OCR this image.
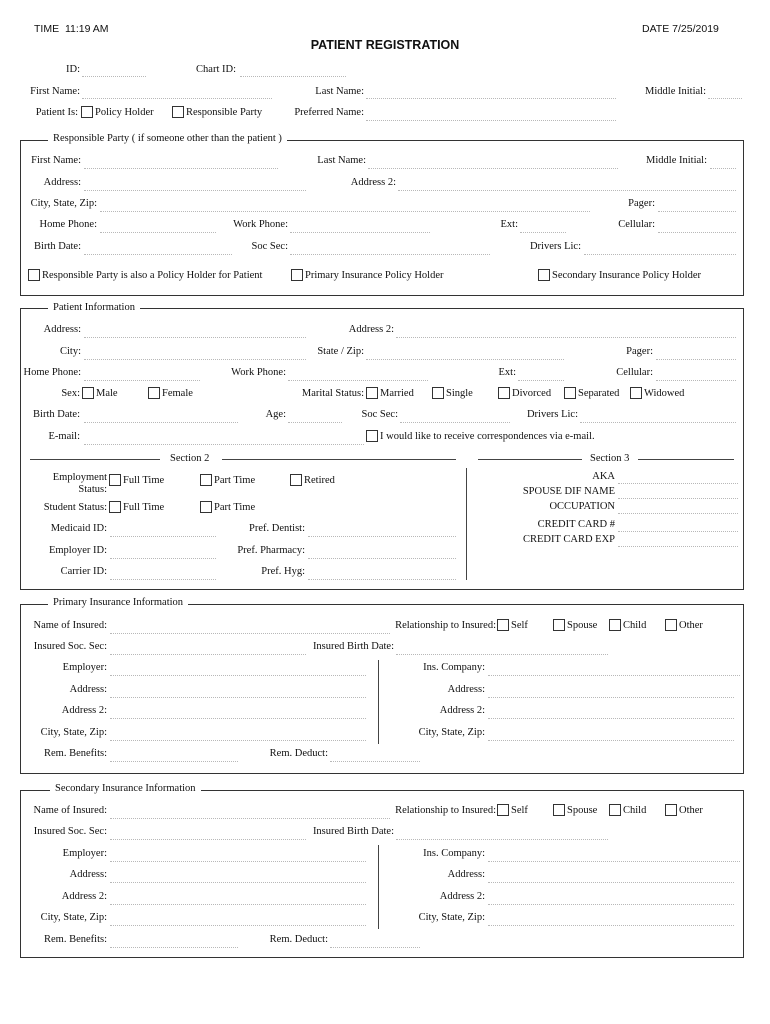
TIME 11:19 AM	DATE 7/25/2019
PATIENT REGISTRATION
ID:	Chart ID:
First Name:	Last Name:	Middle Initial:
Patient Is: Policy Holder	Responsible Party	Preferred Name:
Responsible Party ( if someone other than the patient )
First Name:	Last Name:	Middle Initial:
Address:	Address 2:
City, State, Zip:	Pager:
Home Phone:	Work Phone:	Ext:	Cellular:
Birth Date:	Soc Sec:	Drivers Lic:
Responsible Party is also a Policy Holder for Patient	Primary Insurance Policy Holder	Secondary Insurance Policy Holder
Patient Information
Address:	Address 2:
City:	State / Zip:	Pager:
Home Phone:	Work Phone:	Ext:	Cellular:
Sex: Male	Female	Marital Status: Married	Single	Divorced	Separated Widowed
Birth Date:	Age:	Soc Sec:	Drivers Lic:
E-mail:	I would like to receive correspondences via e-mail.
Section 2	Section 3
Employment
Status:
Full Time	Part Time	Retired
Student Status: Full Time	Part Time
Medicaid ID:	Pref. Dentist:
Employer ID:	Pref. Pharmacy:
Carrier ID:	Pref. Hyg:
AKA
SPOUSE DIF NAME
OCCUPATION
CREDIT CARD #
CREDIT CARD EXP
Primary Insurance Information
Name of Insured:	Relationship to Insured: Self	Spouse Child	Other
Insured Soc. Sec:	Insured Birth Date:
Employer:	Ins. Company:
Address:	Address:
Address 2:	Address 2:
City, State, Zip:	City, State, Zip:
Rem. Benefits:	Rem. Deduct:
Secondary Insurance Information
Name of Insured:	Relationship to Insured: Self	Spouse Child	Other
Insured Soc. Sec:	Insured Birth Date:
Employer:	Ins. Company:
Address:	Address:
Address 2:	Address 2:
City, State, Zip:	City, State, Zip:
Rem. Benefits:	Rem. Deduct:
